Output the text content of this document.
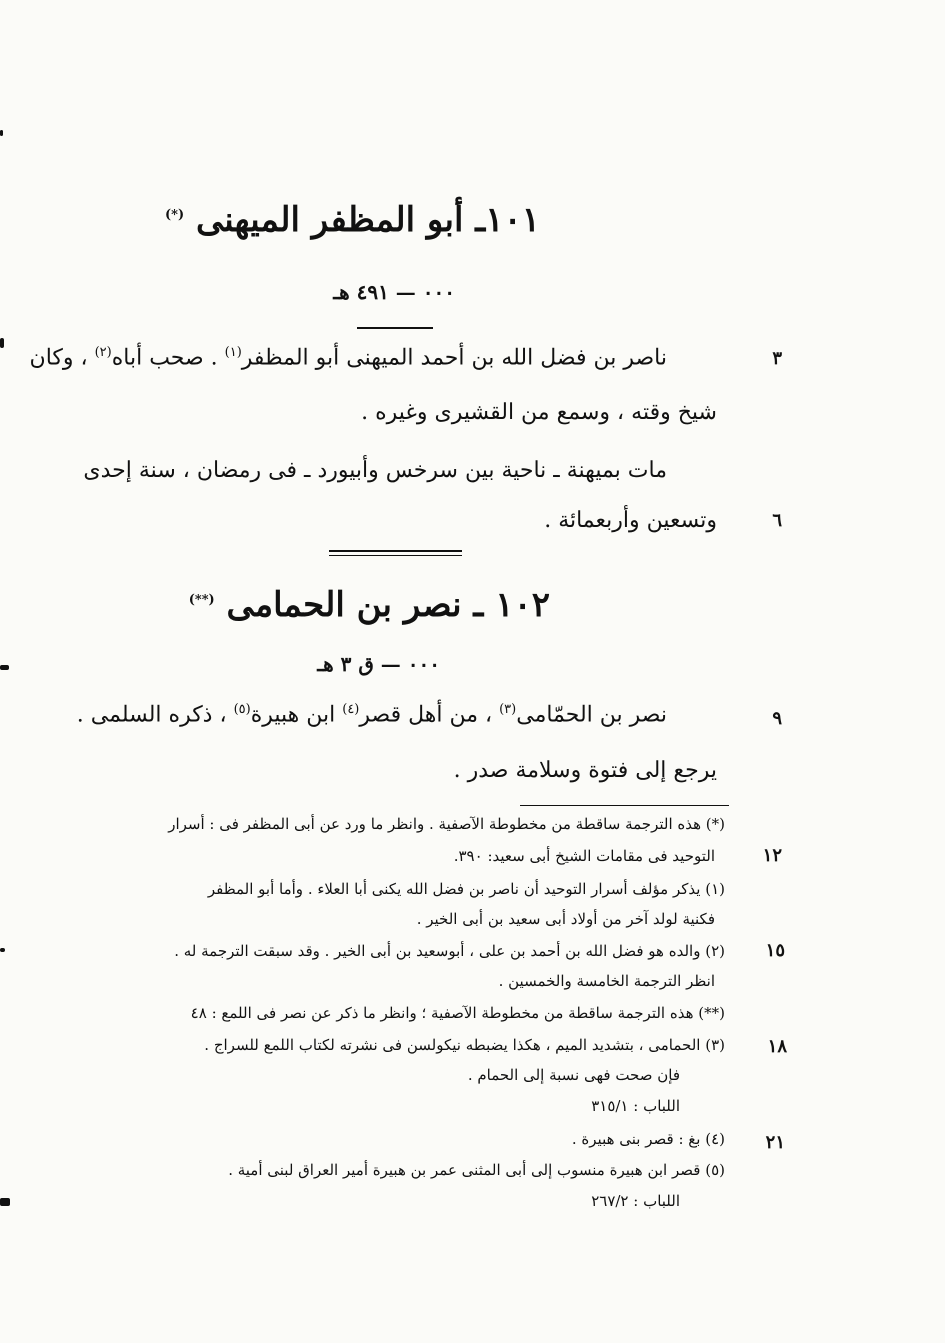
١٠١ـ أبو المظفر الميهنى (*)
٠٠٠ — ٤٩١ هـ
٣
ناصر بن فضل الله بن أحمد الميهنى أبو المظفر$^{(١)}$ . صحب أباه$^{(٢)}$ ، وكان
شيخ وقته ، وسمع من القشيرى وغيره .
مات بميهنة ـ ناحية بين سرخس وأبيورد ـ فى رمضان ، سنة إحدى
٦
وتسعين وأربعمائة .
١٠٢ ـ نصر بن الحمامى (**)
٠٠٠ — ق ٣ هـ
٩
نصر بن الحمّامى$^{(٣)}$ ، من أهل قصر$^{(٤)}$ ابن هبيرة$^{(٥)}$ ، ذكره السلمى .
يرجع إلى فتوة وسلامة صدر .
(*) هذه الترجمة ساقطة من مخطوطة الآصفية . وانظر ما ورد عن أبى المظفر فى : أسرار
١٢
التوحيد فى مقامات الشيخ أبى سعيد: ٣٩٠.
(١) يذكر مؤلف أسرار التوحيد أن ناصر بن فضل الله يكنى أبا العلاء . وأما أبو المظفر
فكنية لولد آخر من أولاد أبى سعيد بن أبى الخير .
١٥
(٢) والده هو فضل الله بن أحمد بن على ، أبوسعيد بن أبى الخير . وقد سبقت الترجمة له .
انظر الترجمة الخامسة والخمسين .
(**) هذه الترجمة ساقطة من مخطوطة الآصفية ؛ وانظر ما ذكر عن نصر فى اللمع : ٤٨
١٨
(٣) الحمامى ، بتشديد الميم ، هكذا يضبطه نيكولسن فى نشرته لكتاب اللمع للسراج .
فإن صحت فهى نسبة إلى الحمام .
اللباب : ٣١٥/١
٢١
(٤) بغ : قصر بنى هبيرة .
(٥) قصر ابن هبيرة منسوب إلى أبى المثنى عمر بن هبيرة أمير العراق لبنى أمية .
اللباب : ٢٦٧/٢
